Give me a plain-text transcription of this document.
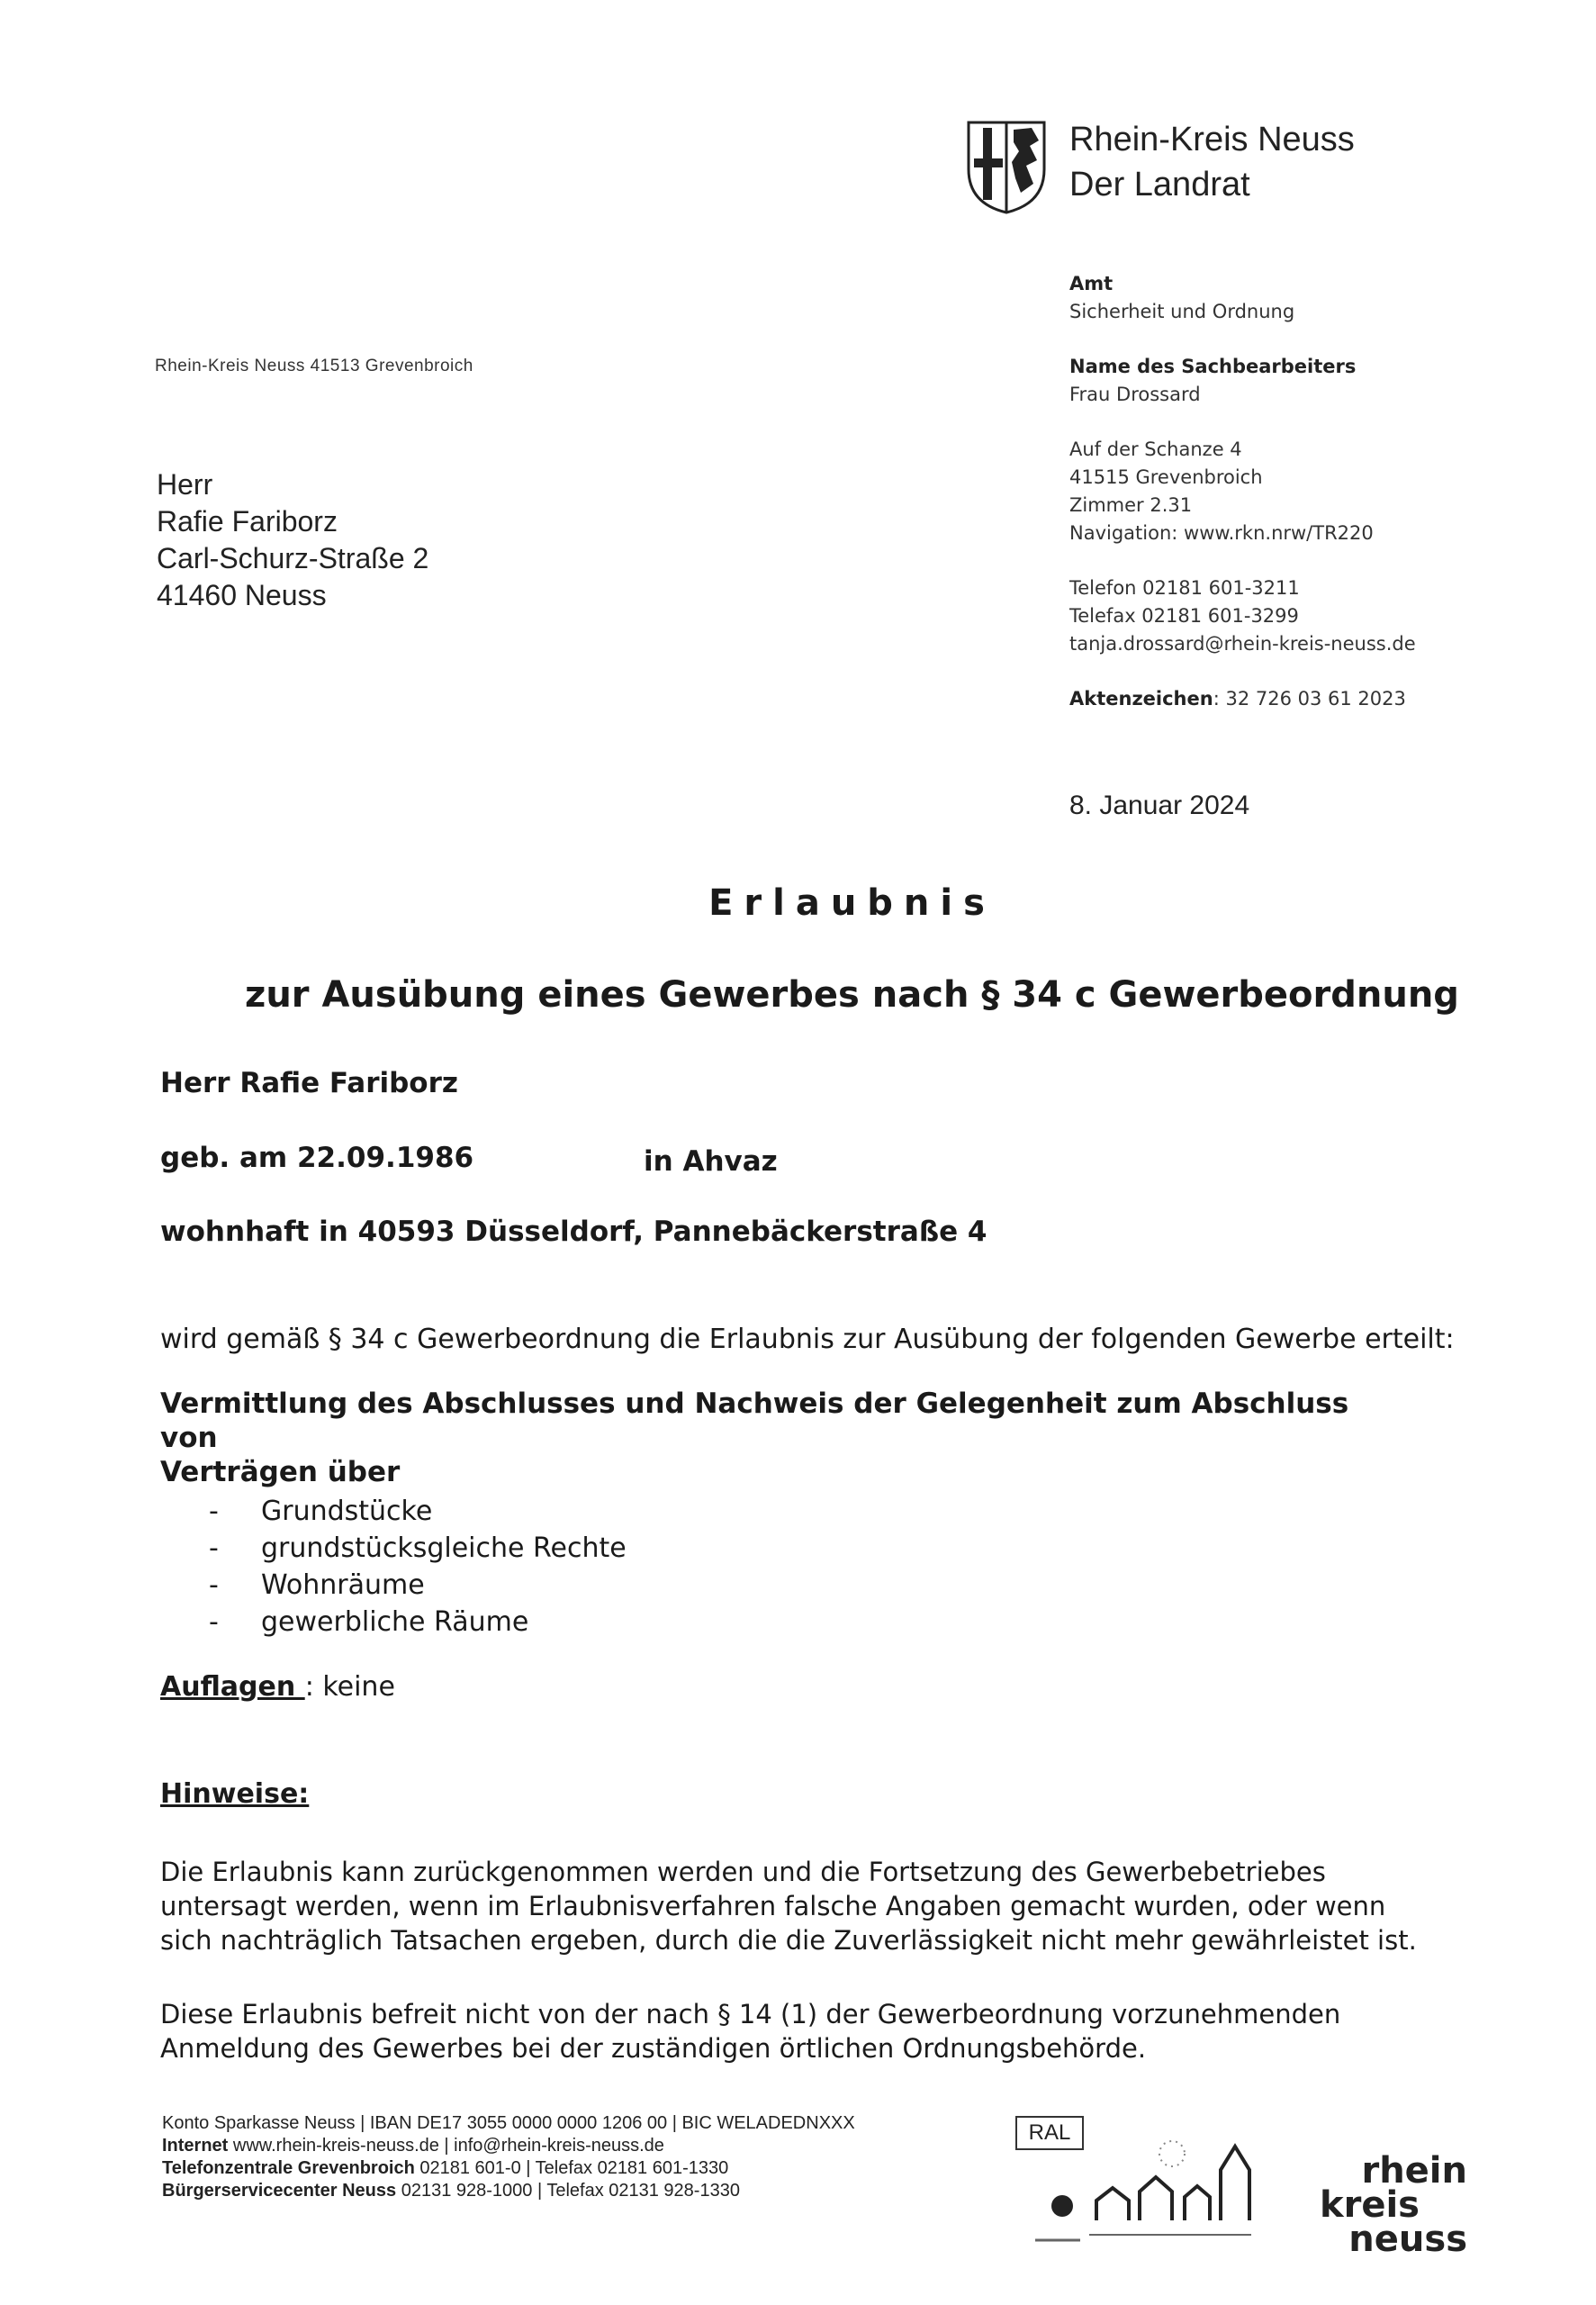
Rhein-Kreis Neuss
Der Landrat
Rhein-Kreis Neuss 41513 Grevenbroich
Herr
Rafie Fariborz
Carl-Schurz-Straße 2
41460 Neuss
Amt
Sicherheit und Ordnung
Name des Sachbearbeiters
Frau Drossard
Auf der Schanze 4
41515 Grevenbroich
Zimmer 2.31
Navigation: www.rkn.nrw/TR220
Telefon 02181 601-3211
Telefax 02181 601-3299
tanja.drossard@rhein-kreis-neuss.de
Aktenzeichen: 32 726 03 61 2023
8. Januar 2024
Erlaubnis
zur Ausübung eines Gewerbes nach § 34 c Gewerbeordnung
Herr Rafie Fariborz
geb. am 22.09.1986	in Ahvaz
wohnhaft in 40593 Düsseldorf, Pannebäckerstraße 4
wird gemäß § 34 c Gewerbeordnung die Erlaubnis zur Ausübung der folgenden Gewerbe erteilt:
Vermittlung des Abschlusses und Nachweis der Gelegenheit zum Abschluss von
Verträgen über
- Grundstücke
- grundstücksgleiche Rechte
- Wohnräume
- gewerbliche Räume
Auflagen : keine
Hinweise:
Die Erlaubnis kann zurückgenommen werden und die Fortsetzung des Gewerbebetriebes
untersagt werden, wenn im Erlaubnisverfahren falsche Angaben gemacht wurden, oder wenn
sich nachträglich Tatsachen ergeben, durch die die Zuverlässigkeit nicht mehr gewährleistet ist.
Diese Erlaubnis befreit nicht von der nach § 14 (1) der Gewerbeordnung vorzunehmenden
Anmeldung des Gewerbes bei der zuständigen örtlichen Ordnungsbehörde.
Konto Sparkasse Neuss | IBAN DE17 3055 0000 0000 1206 00 | BIC WELADEDNXXX
Internet www.rhein-kreis-neuss.de | info@rhein-kreis-neuss.de
Telefonzentrale Grevenbroich 02181 601-0 | Telefax 02181 601-1330
Bürgerservicecenter Neuss 02131 928-1000 | Telefax 02131 928-1330
RAL
rhein
kreis
neuss
